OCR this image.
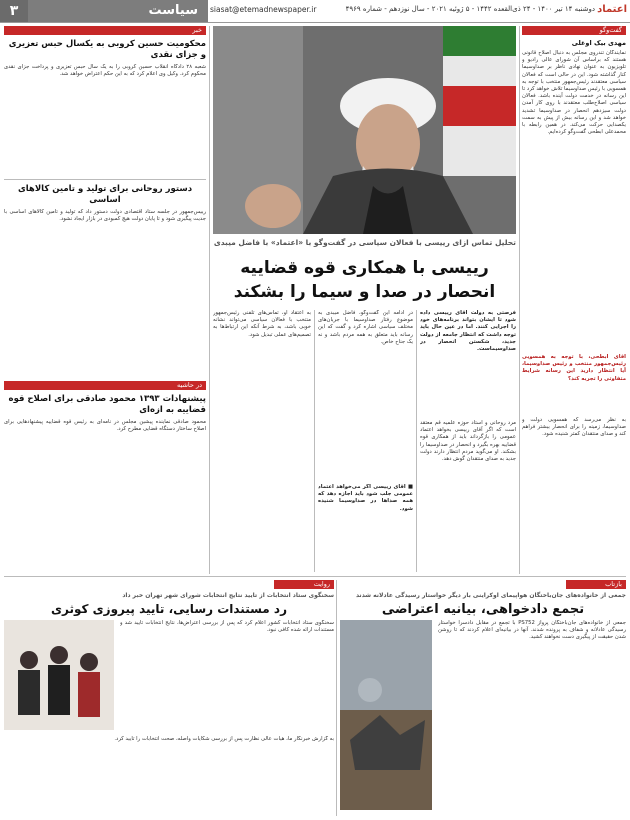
۳	سیاست	siasat@etemadnewspaper.ir	دوشنبه ۱۴ تیر ۱۴۰۰ - ۲۴ ذی‌القعده ۱۴۴۲ - ۵ ژوئیه ۲۰۲۱ - سال نوزدهم - شماره ۴۹۶۹ اعتماد
گفت‌وگو
مهدی بیک اوغلی
نمایندگان تندروی مجلس به دنبال اصلاح قانونی هستند که براساس آن شورای عالی رادیو و تلویزیون به عنوان نهادی ناظر بر صداوسیما کنار گذاشته شود. این در حالی است که فعالان سیاسی معتقدند رئیس‌جمهور منتخب با توجه به همسویی با رئیس صداوسیما تلاش خواهد کرد تا این رسانه در خدمت دولت آینده باشد. فعالان سیاسی اصلاح‌طلب معتقدند با روی کار آمدن دولت سیزدهم انحصار در صداوسیما تشدید خواهد شد و این رسانه بیش از پیش به سمت یکصدایی حرکت می‌کند. در همین رابطه با محمدعلی ابطحی گفت‌وگو کرده‌ایم.
آقای ابطحی، با توجه به همسویی رئیس‌جمهور منتخب و رئیس صداوسیما، آیا انتظار دارید این رسانه شرایط متفاوتی را تجربه کند؟
به نظر می‌رسد که همسویی دولت و صداوسیما، زمینه را برای انحصار بیشتر فراهم کند و صدای منتقدان کمتر شنیده شود.
تحلیل تماس از‌ای رییسی با فعالان سیاسی در گفت‌وگو با «اعتماد» با فاضل میبدی
رییسی با همکاری قوه قضاییه
انحصار در صدا و سیما را بشکند
فرصتی به دولت آقای رییسی داده شود تا ایشان بتواند برنامه‌های خود را اجرایی کنند. اما در عین حال باید توجه داشت که انتظار جامعه از دولت جدید، شکستن انحصار در صداوسیماست.
مرد روحانی و استاد حوزه علمیه قم معتقد است که اگر آقای رییسی بخواهد اعتماد عمومی را بازگرداند باید از همکاری قوه قضاییه بهره بگیرد و انحصار در صداوسیما را بشکند. او می‌گوید مردم انتظار دارند دولت جدید به صدای منتقدان گوش دهد.
در ادامه این گفت‌وگو، فاضل میبدی به موضوع رفتار صداوسیما با جریان‌های مختلف سیاسی اشاره کرد و گفت که این رسانه باید متعلق به همه مردم باشد و نه یک جناح خاص.
■ آقای رییسی اگر می‌خواهد اعتماد عمومی جلب شود باید اجازه دهد که همه صداها در صداوسیما شنیده شود.
به اعتقاد او، تماس‌های تلفنی رئیس‌جمهور منتخب با فعالان سیاسی می‌تواند نشانه خوبی باشد، به شرط آنکه این ارتباط‌ها به تصمیم‌های عملی تبدیل شود.
خبر
محکومیت حسین کروبی به یکسال حبس تعزیری و جزای نقدی
شعبه ۲۸ دادگاه انقلاب حسین کروبی را به یک سال حبس تعزیری و پرداخت جزای نقدی محکوم کرد. وکیل وی اعلام کرد که به این حکم اعتراض خواهد شد.
دستور روحانی برای تولید و تامین کالاهای اساسی
رییس‌جمهور در جلسه ستاد اقتصادی دولت دستور داد که تولید و تامین کالاهای اساسی با جدیت پیگیری شود و تا پایان دولت هیچ کمبودی در بازار ایجاد نشود.
در حاشیه
پیشنهادات ۱۳۹۳ محمود صادقی برای اصلاح قوه قضاییه به ازه‌ای
محمود صادقی نماینده پیشین مجلس در نامه‌ای به رئیس قوه قضاییه پیشنهادهایی برای اصلاح ساختار دستگاه قضایی مطرح کرد.
بازتاب
جمعی از خانواده‌های جان‌باختگان هواپیمای اوکراینی بار دیگر خواستار رسیدگی عادلانه شدند
تجمع دادخواهی، بیانیه اعتراضی
جمعی از خانواده‌های جان‌باختگان پرواز PS752 با تجمع در مقابل دادسرا خواستار رسیدگی عادلانه و شفاف به پرونده شدند. آنها در بیانیه‌ای اعلام کردند که تا روشن شدن حقیقت از پیگیری دست نخواهند کشید.
روایت
سخنگوی ستاد انتخابات از تایید نتایج انتخابات شورای شهر تهران خبر داد
رد مستندات رسایی، تایید پیروزی کوثری
سخنگوی ستاد انتخابات کشور اعلام کرد که پس از بررسی اعتراض‌ها، نتایج انتخابات تایید شد و مستندات ارائه شده کافی نبود.
به گزارش خبرنگار ما، هیات عالی نظارت پس از بررسی شکایات واصله، صحت انتخابات را تایید کرد.
